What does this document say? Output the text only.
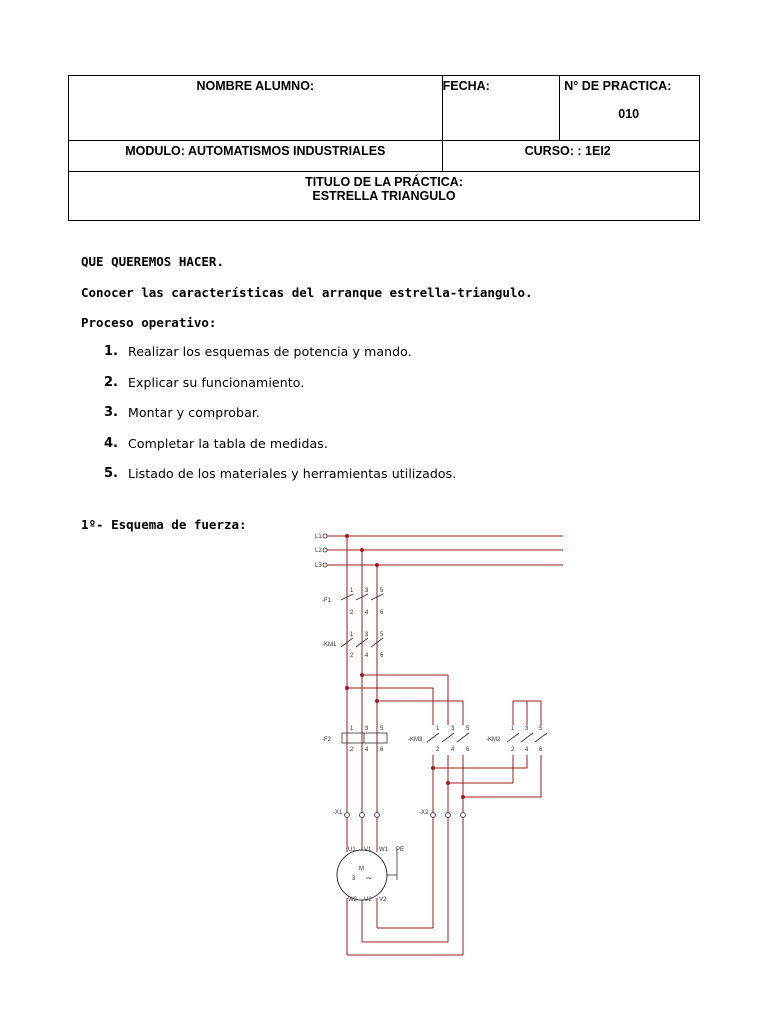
NOMBRE ALUMNO:	FECHA:	N° DE PRACTICA:
010

MODULO: AUTOMATISMOS INDUSTRIALES	CURSO: : 1EI2	

TITULO DE LA PRÁCTICA:
ESTRELLA TRIANGULO		
QUE QUEREMOS HACER.
Conocer las características del arranque estrella-triangulo.
Proceso operativo:
1. Realizar los esquemas de potencia y mando.
2. Explicar su funcionamiento.
3. Montar y comprobar.
4. Completar la tabla de medidas.
5. Listado de los materiales y herramientas utilizados.
1º- Esquema de fuerza:
L1
L2
L3
-F1
-KM1
-F2	-KM3	-KM2
-X1	-X2
1 3 5
2 4 6
1 3 5
2 4 6
1 3 5
2 4 6
1 3 5
2 4 6
1 3 5
2 4 6
U1 V1 W1 PE
W2 U2 V2
M
3 ~
